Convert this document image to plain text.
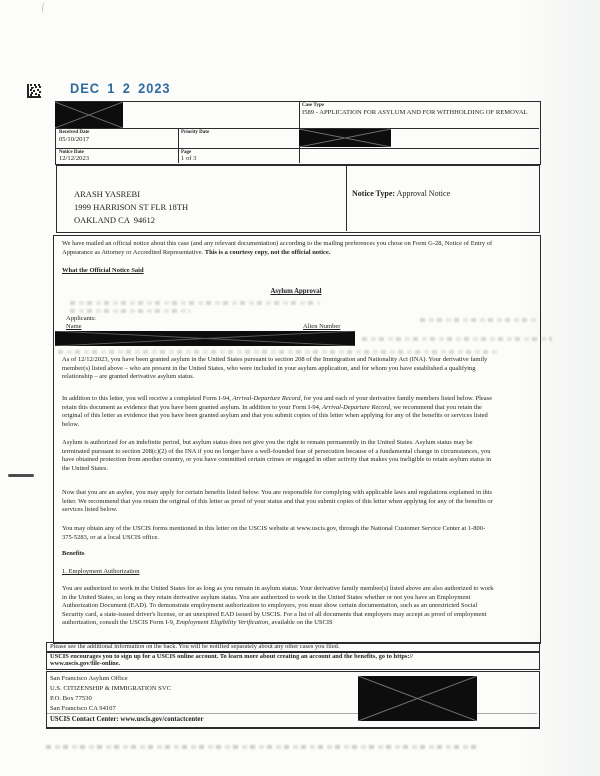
DEC 1 2 2023
Case Type
I589 - APPLICATION FOR ASYLUM AND FOR WITHHOLDING OF REMOVAL
Received Date
05/10/2017
Priority Date
Notice Date
12/12/2023
Page
1 of 3
ARASH YASREBI
1999 HARRISON ST FLR 18TH
OAKLAND CA  94612
Notice Type: Approval Notice
We have mailed an official notice about this case (and any relevant documentation) according to the mailing preferences you chose on Form G-28, Notice of Entry of Appearance as Attorney or Accredited Representative. This is a courtesy copy, not the official notice.
What the Official Notice Said
Asylum Approval
Applicants:
Name	Alien Number
As of 12/12/2023, you have been granted asylum in the United States pursuant to section 208 of the Immigration and Nationality Act (INA). Your derivative family member(s) listed above – who are present in the United States, who were included in your asylum application, and for whom you have established a qualifying relationship – are granted derivative asylum status.
In addition to this letter, you will receive a completed Form I-94, Arrival-Departure Record, for you and each of your derivative family members listed below. Please retain this document as evidence that you have been granted asylum. In addition to your Form I-94, Arrival-Departure Record, we recommend that you retain the original of this letter as evidence that you have been granted asylum and that you submit copies of this letter when applying for any of the benefits or services listed below.
Asylum is authorized for an indefinite period, but asylum status does not give you the right to remain permanently in the United States. Asylum status may be terminated pursuant to section 208(c)(2) of the INA if you no longer have a well-founded fear of persecution because of a fundamental change in circumstances, you have obtained protection from another country, or you have committed certain crimes or engaged in other activity that makes you ineligible to retain asylum status in the United States.
Now that you are an asylee, you may apply for certain benefits listed below. You are responsible for complying with applicable laws and regulations explained in this letter. We recommend that you retain the original of this letter as proof of your status and that you submit copies of this letter when applying for any of the benefits or services listed below.
You may obtain any of the USCIS forms mentioned in this letter on the USCIS website at www.uscis.gov, through the National Customer Service Center at 1-800-375-5283, or at a local USCIS office.
Benefits
1. Employment Authorization
You are authorized to work in the United States for as long as you remain in asylum status. Your derivative family member(s) listed above are also authorized to work in the United States, so long as they retain derivative asylum status. You are authorized to work in the United States whether or not you have an Employment Authorization Document (EAD). To demonstrate employment authorization to employers, you must show certain documentation, such as an unrestricted Social Security card, a state-issued driver's license, or an unexpired EAD issued by USCIS. For a list of all documents that employers may accept as proof of employment authorization, consult the USCIS Form I-9, Employment Eligibility Verification, available on the USCIS
Please see the additional information on the back. You will be notified separately about any other cases you filed.
USCIS encourages you to sign up for a USCIS online account. To learn more about creating an account and the benefits, go to https://
www.uscis.gov/file-online.
San Francisco Asylum Office
U.S. CITIZENSHIP & IMMIGRATION SVC
P.O. Box 77530
San Francisco CA 94107
USCIS Contact Center: www.uscis.gov/contactcenter
